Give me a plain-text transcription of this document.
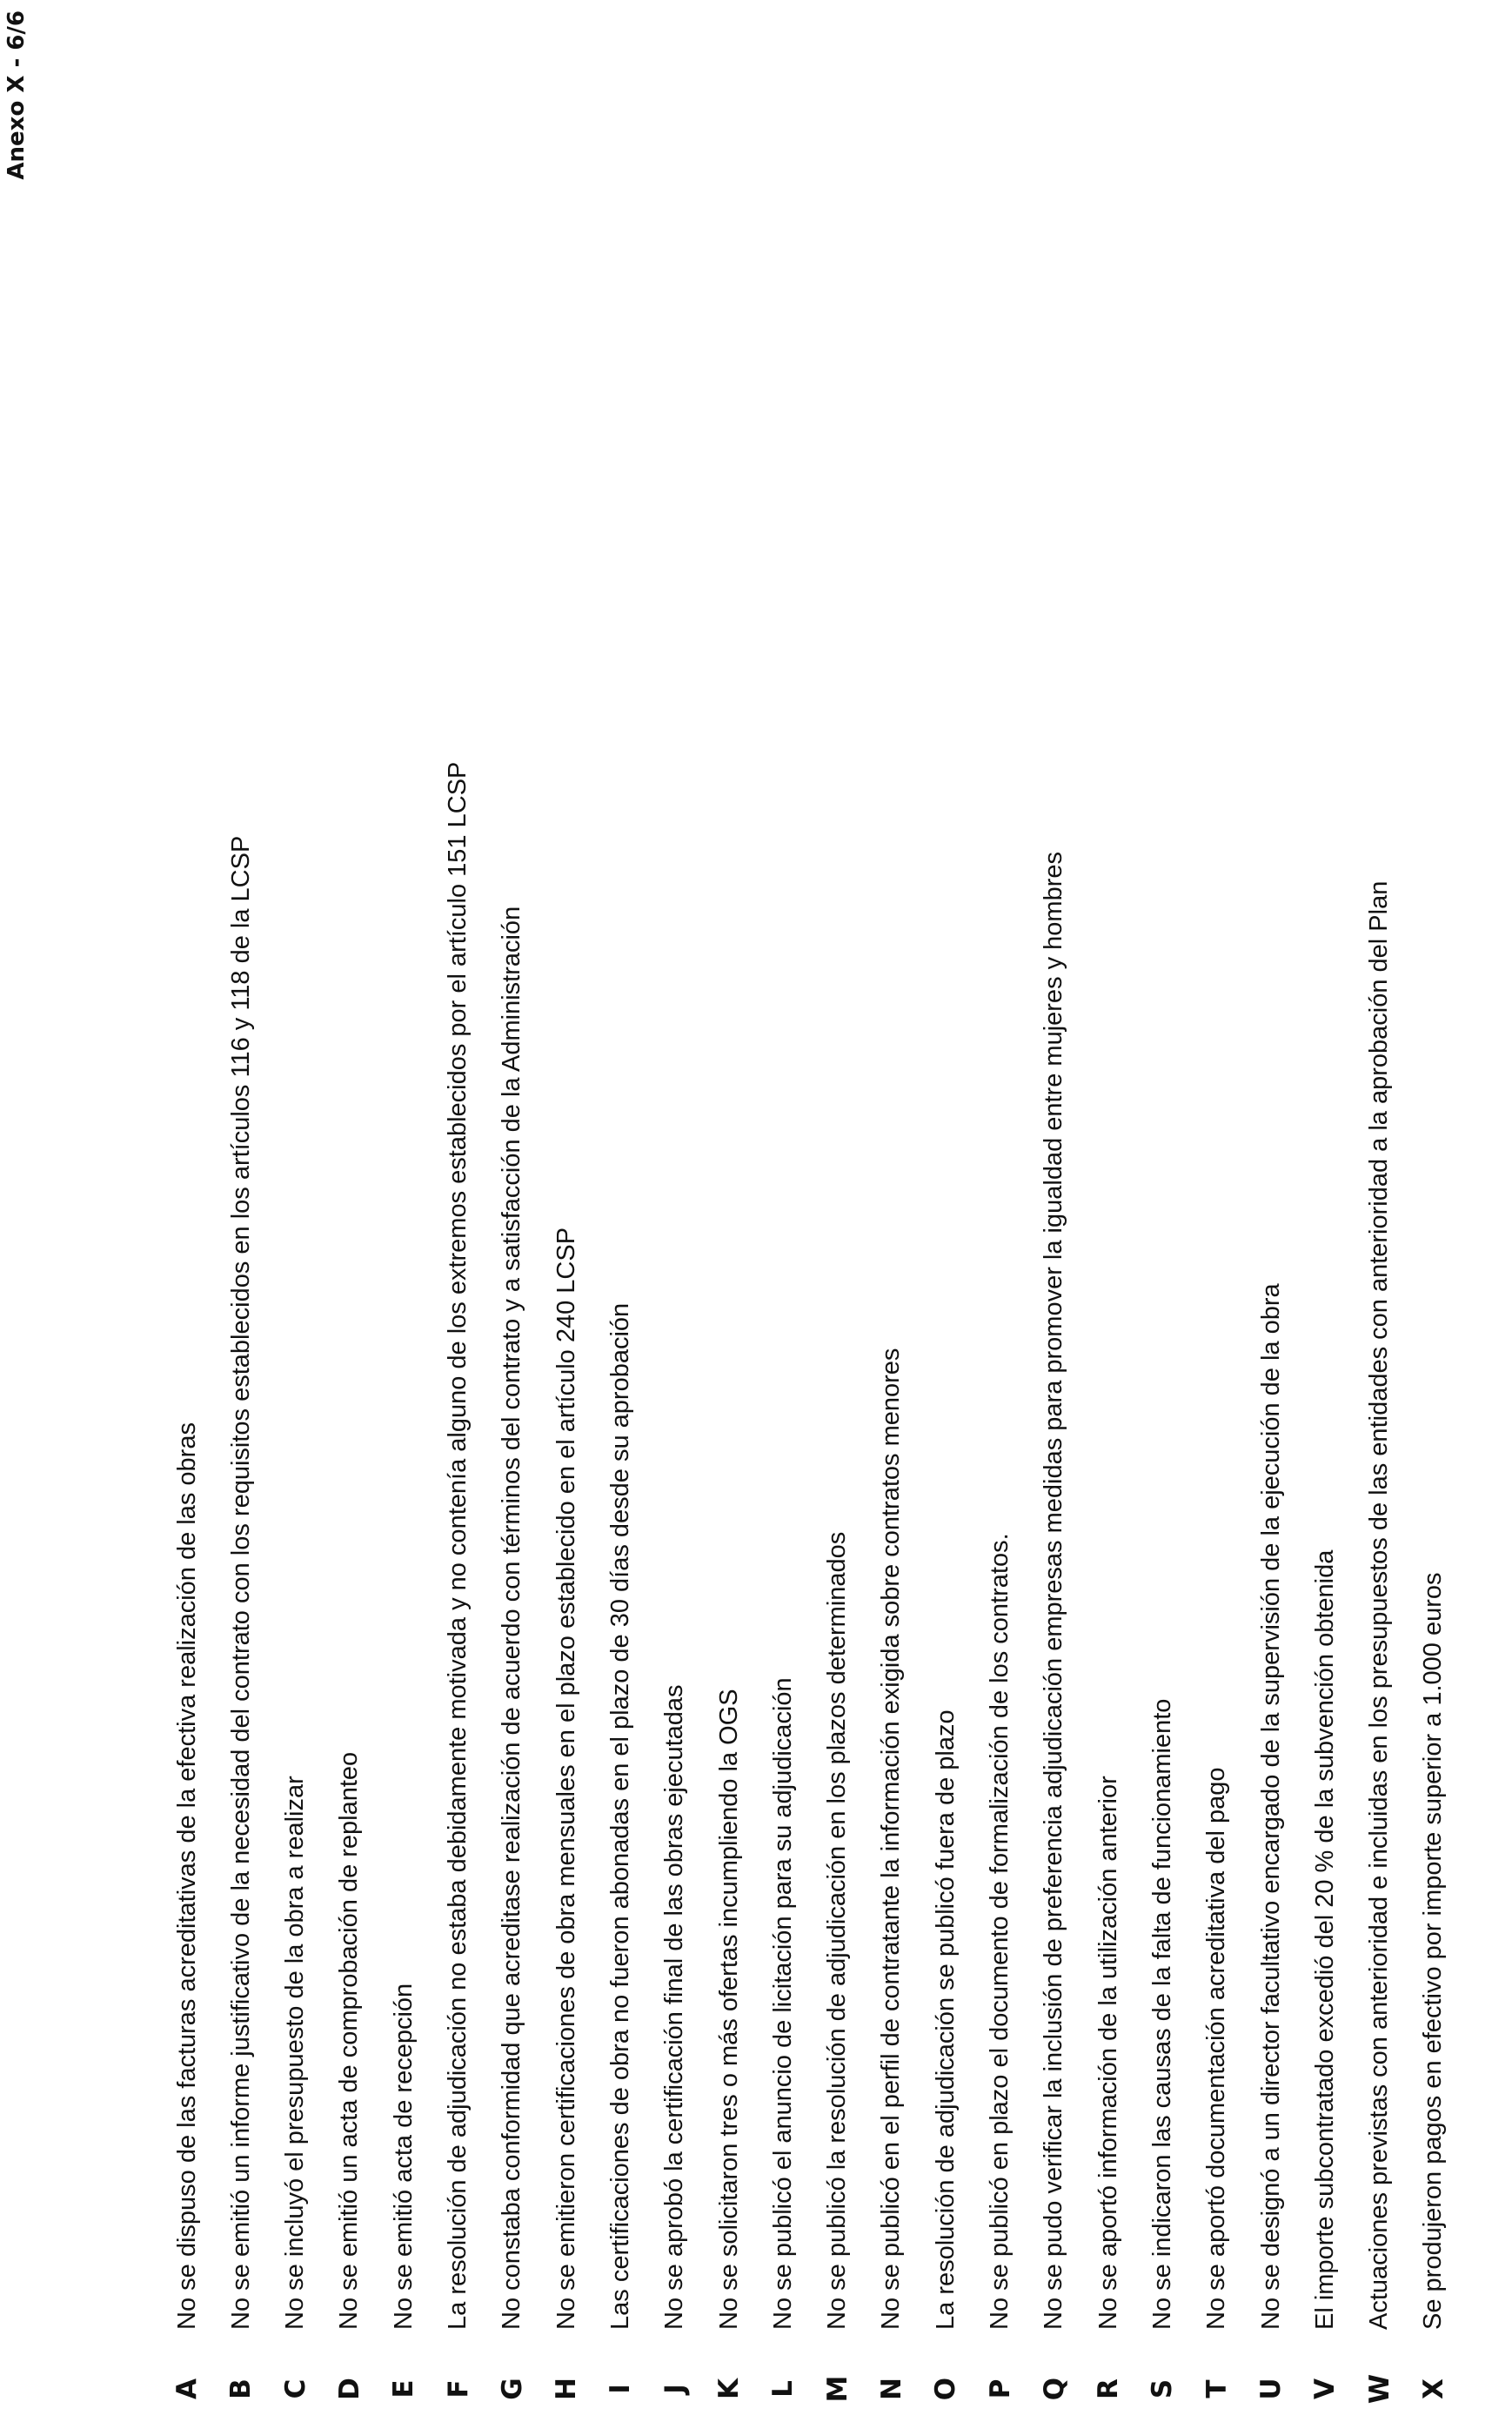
Anexo X - 6/6
A
No se dispuso de las facturas acreditativas de la efectiva realización de las obras
B
No se emitió un informe justificativo de la necesidad del contrato con los requisitos establecidos en los artículos 116 y 118 de la LCSP
C
No se incluyó el presupuesto de la obra a realizar
D
No se emitió un acta de comprobación de replanteo
E
No se emitió acta de recepción
F
La resolución de adjudicación no estaba debidamente motivada y no contenía alguno de los extremos establecidos por el artículo 151 LCSP
G
No constaba conformidad que acreditase realización de acuerdo con términos del contrato y a satisfacción de la Administración
H
No se emitieron certificaciones de obra mensuales en el plazo establecido en el artículo 240 LCSP
I
Las certificaciones de obra no fueron abonadas en el plazo de 30 días desde su aprobación
J
No se aprobó la certificación final de las obras ejecutadas
K
No se solicitaron tres o más ofertas incumpliendo la OGS
L
No se publicó el anuncio de licitación para su adjudicación
M
No se publicó la resolución de adjudicación en los plazos determinados
N
No se publicó en el perfil de contratante la información exigida sobre contratos menores
O
La resolución de adjudicación se publicó fuera de plazo
P
No se publicó en plazo el documento de formalización de los contratos.
Q
No se pudo verificar la inclusión de preferencia adjudicación empresas medidas para promover la igualdad entre mujeres y hombres
R
No se aportó información de la utilización anterior
S
No se indicaron las causas de la falta de funcionamiento
T
No se aportó documentación acreditativa del pago
U
No se designó a un director facultativo encargado de la supervisión de la ejecución de la obra
V
El importe subcontratado excedió del 20 % de la subvención obtenida
W
Actuaciones previstas con anterioridad e incluidas en los presupuestos de las entidades con anterioridad a la aprobación del Plan
X
Se produjeron pagos en efectivo por importe superior a 1.000 euros
